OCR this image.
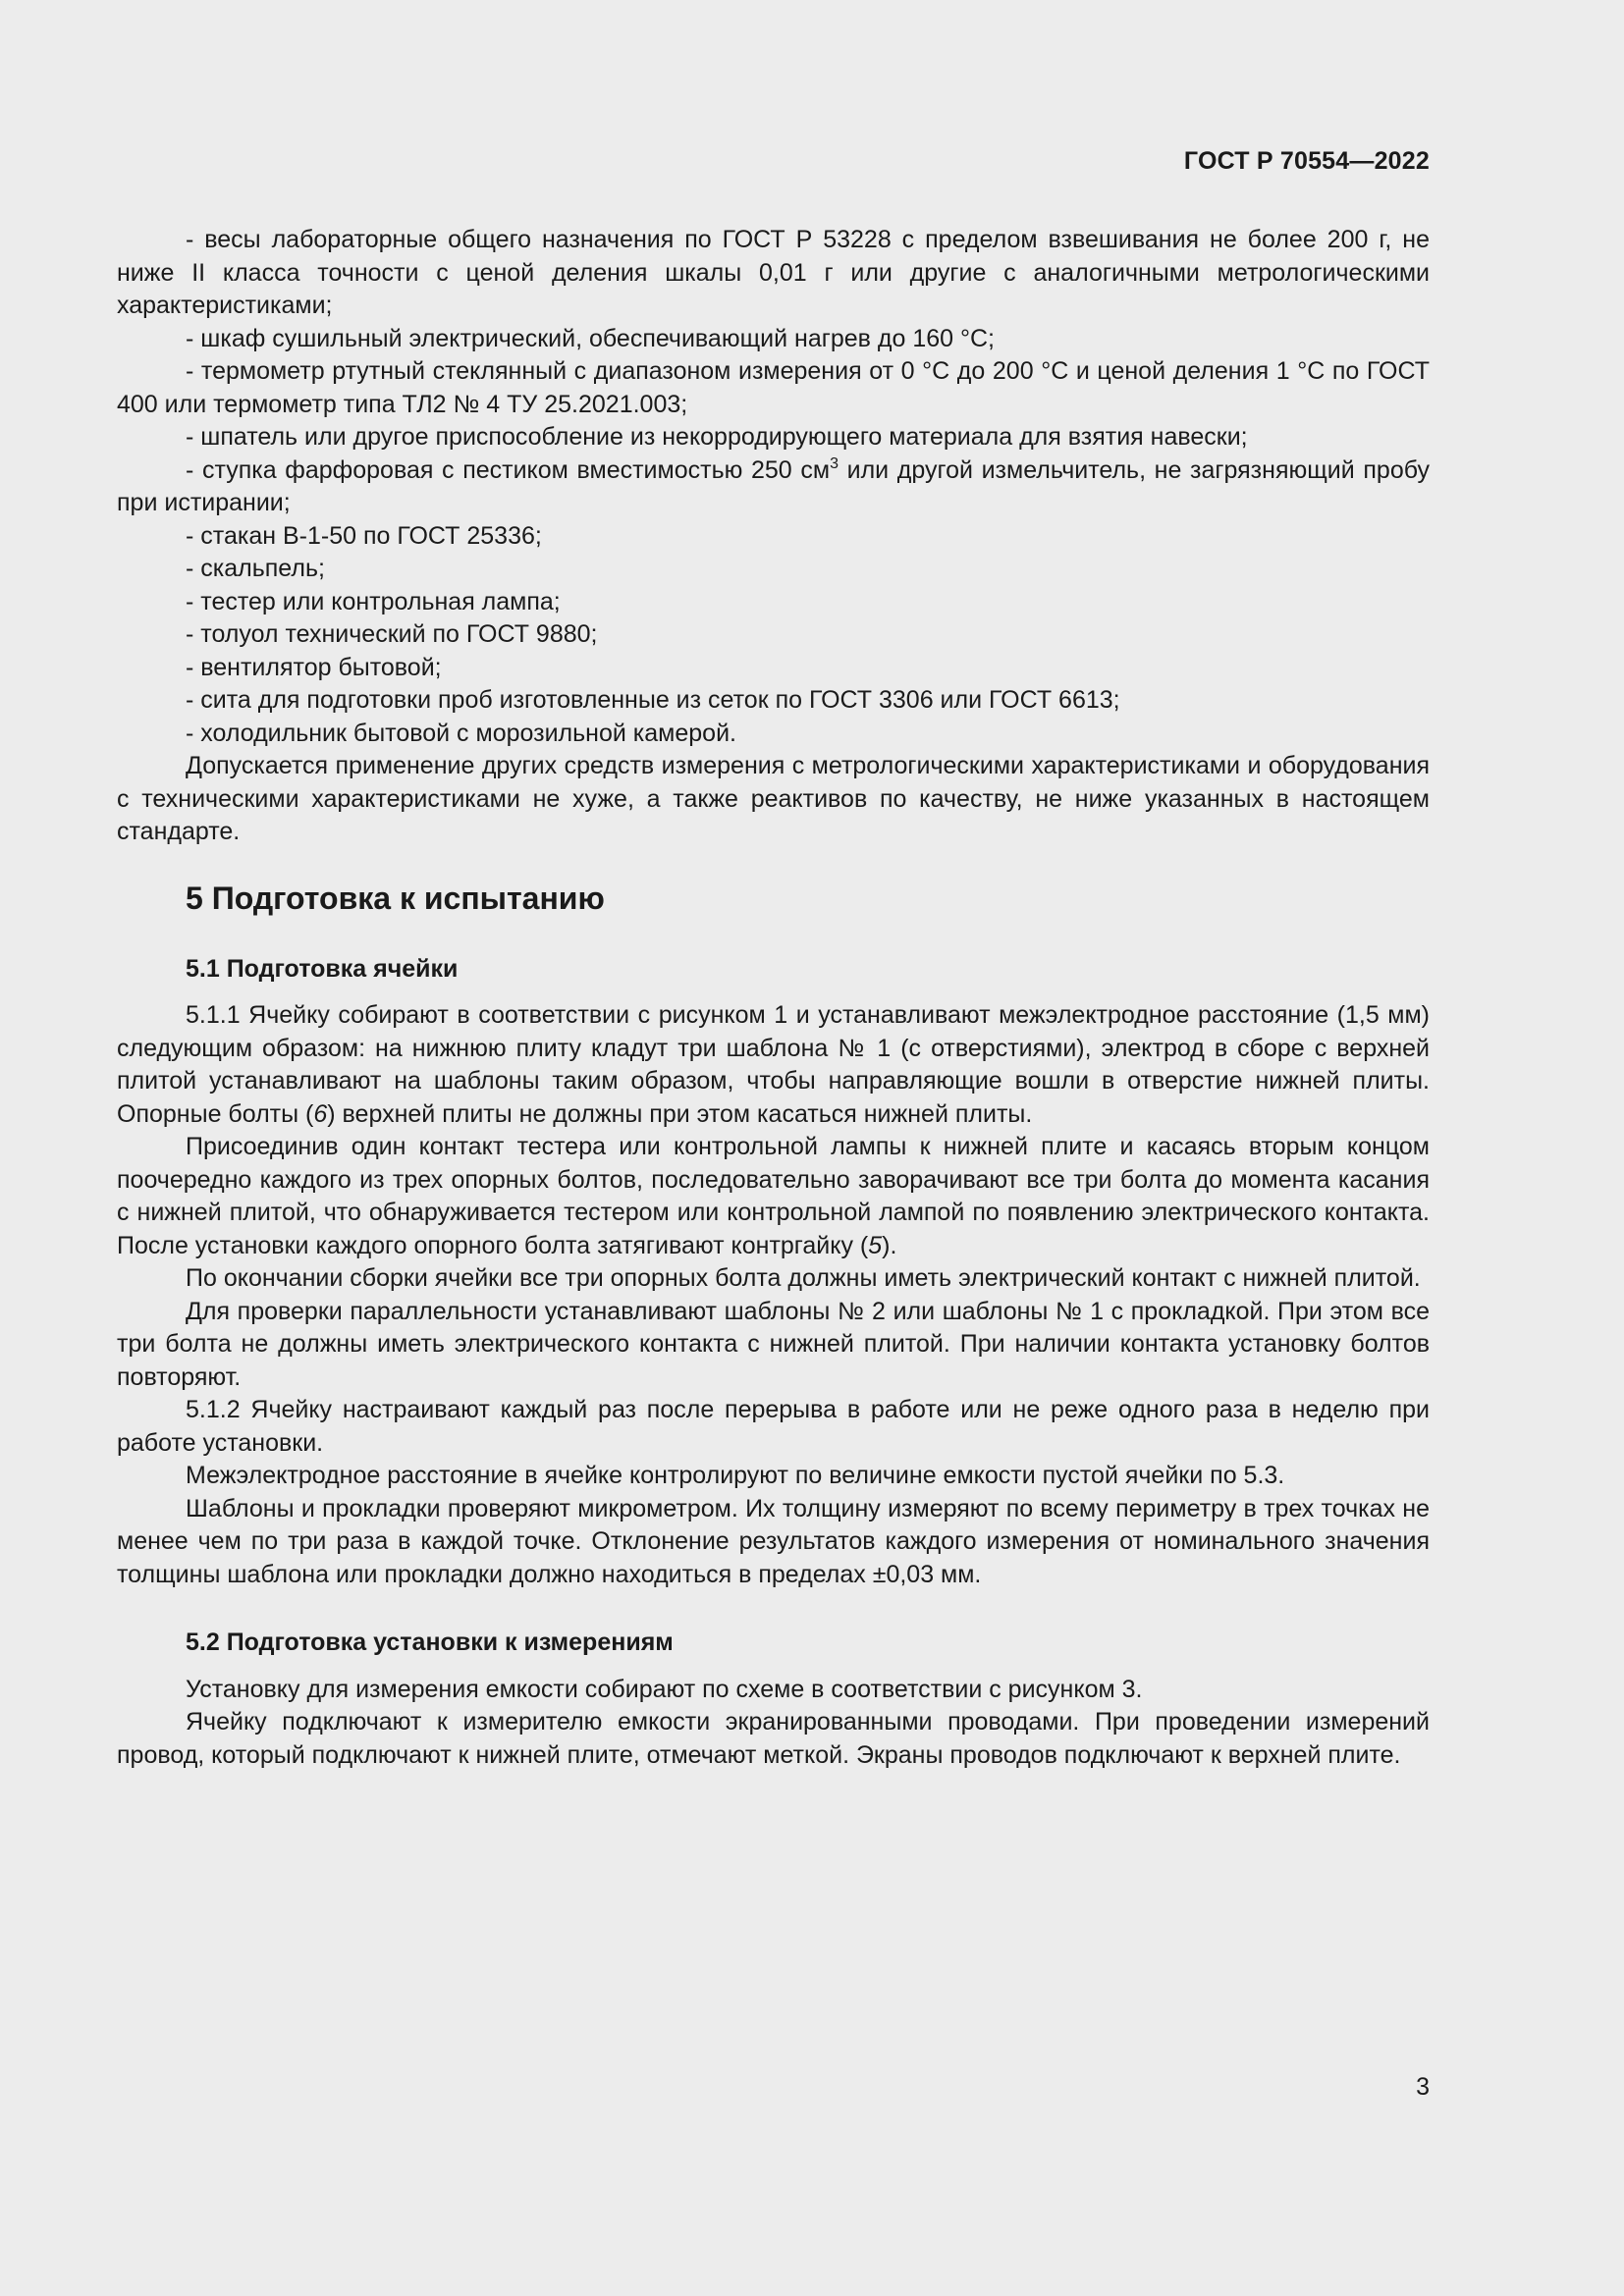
ГОСТ Р 70554—2022

- весы лабораторные общего назначения по ГОСТ Р 53228 с пределом взвешивания не более 200 г, не ниже II класса точности с ценой деления шкалы 0,01 г или другие с аналогичными метрологическими характеристиками;

- шкаф сушильный электрический, обеспечивающий нагрев до 160 °С;

- термометр ртутный стеклянный с диапазоном измерения от 0 °С до 200 °С и ценой деления 1 °С по ГОСТ 400 или термометр типа ТЛ2 № 4 ТУ 25.2021.003;

- шпатель или другое приспособление из некорродирующего материала для взятия навески;

- ступка фарфоровая с пестиком вместимостью 250 $см^3$ или другой измельчитель, не загрязняющий пробу при истирании;

- стакан В-1-50 по ГОСТ 25336;

- скальпель;

- тестер или контрольная лампа;

- толуол технический по ГОСТ 9880;

- вентилятор бытовой;

- сита для подготовки проб изготовленные из сеток по ГОСТ 3306 или ГОСТ 6613;

- холодильник бытовой с морозильной камерой.

Допускается применение других средств измерения с метрологическими характеристиками и оборудования с техническими характеристиками не хуже, а также реактивов по качеству, не ниже указанных в настоящем стандарте.

5 Подготовка к испытанию
5.1 Подготовка ячейки

5.1.1 Ячейку собирают в соответствии с рисунком 1 и устанавливают межэлектродное расстояние (1,5 мм) следующим образом: на нижнюю плиту кладут три шаблона № 1 (с отверстиями), электрод в сборе с верхней плитой устанавливают на шаблоны таким образом, чтобы направляющие вошли в отверстие нижней плиты. Опорные болты (6) верхней плиты не должны при этом касаться нижней плиты.

Присоединив один контакт тестера или контрольной лампы к нижней плите и касаясь вторым концом поочередно каждого из трех опорных болтов, последовательно заворачивают все три болта до момента касания с нижней плитой, что обнаруживается тестером или контрольной лампой по появлению электрического контакта. После установки каждого опорного болта затягивают контргайку (5).

По окончании сборки ячейки все три опорных болта должны иметь электрический контакт с нижней плитой.

Для проверки параллельности устанавливают шаблоны № 2 или шаблоны № 1 с прокладкой. При этом все три болта не должны иметь электрического контакта с нижней плитой. При наличии контакта установку болтов повторяют.

5.1.2 Ячейку настраивают каждый раз после перерыва в работе или не реже одного раза в неделю при работе установки.

Межэлектродное расстояние в ячейке контролируют по величине емкости пустой ячейки по 5.3.

Шаблоны и прокладки проверяют микрометром. Их толщину измеряют по всему периметру в трех точках не менее чем по три раза в каждой точке. Отклонение результатов каждого измерения от номинального значения толщины шаблона или прокладки должно находиться в пределах ±0,03 мм.

5.2 Подготовка установки к измерениям

Установку для измерения емкости собирают по схеме в соответствии с рисунком 3.

Ячейку подключают к измерителю емкости экранированными проводами. При проведении измерений провод, который подключают к нижней плите, отмечают меткой. Экраны проводов подключают к верхней плите.

3
